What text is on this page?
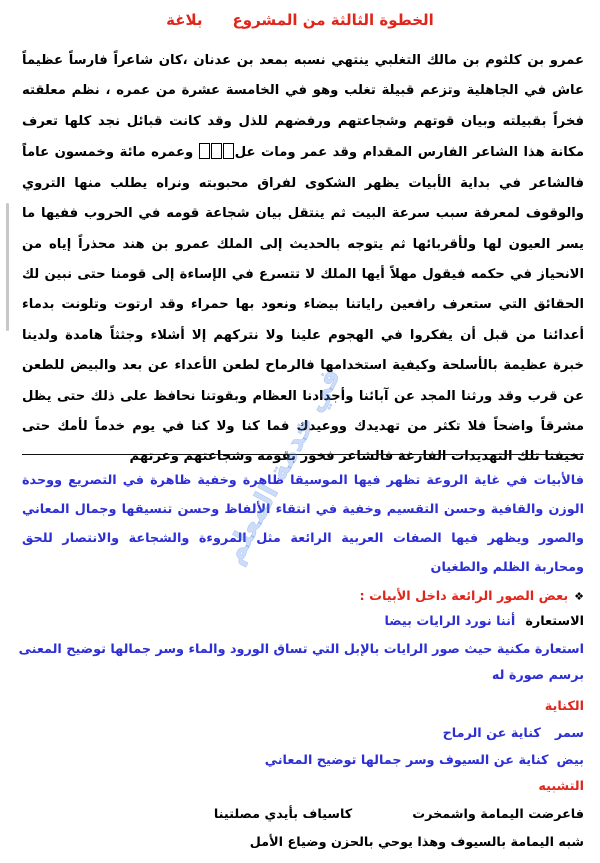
الخطوة الثالثة من المشروعبلاغة
عمرو بن كلثوم بن مالك التغلبي ينتهي نسبه بمعد بن عدنان ،كان شاعراً فارساً عظيماً عاش في الجاهلية وتزعم قبيلة تغلب وهو في الخامسة عشرة من عمره ، نظم معلقته فخراً بقبيلته وبيان قوتهم وشجاعتهم ورفضهم للذل وقد كانت قبائل نجد كلها تعرف مكانة هذا الشاعر الفارس المقدام وقد عمر ومات عل وعمره مائة وخمسون عاماً فالشاعر في بداية الأبيات يظهر الشكوى لفراق محبوبته ونراه يطلب منها التروي والوقوف لمعرفة سبب سرعة البيت ثم ينتقل بيان شجاعة قومه في الحروب ففيها ما يسر العيون لها ولأقربائها ثم يتوجه بالحديث إلى الملك عمرو بن هند محذراً إياه من الانحياز في حكمه فيقول مهلاً أيها الملك لا تتسرع في الإساءة إلى قومنا حتى نبين لك الحقائق التي ستعرف رافعين راياتنا بيضاء ونعود بها حمراء وقد ارتوت وتلونت بدماء أعدائنا من قبل أن يفكروا في الهجوم علينا ولا نتركهم إلا أشلاء وجثثاً هامدة ولدينا خبرة عظيمة بالأسلحة وكيفية استخدامها فالرماح لطعن الأعداء عن بعد والبيض للطعن عن قرب وقد ورثنا المجد عن آبائنا وأجدادنا العظام وبقوتنا نحافظ على ذلك حتى يظل مشرقاً واضحاً فلا تكثر من تهديدك ووعيدك فما كنا ولا كنا في يوم خدماً لأمك حتى تخيفنا تلك التهديدات الفارغة فالشاعر فخور بقومه وشجاعتهم وعزتهم
فالأبيات في غاية الروعة تظهر فيها الموسيقا ظاهرة وخفية ظاهرة في التصريع ووحدة الوزن والقافية وحسن التقسيم وخفية في انتقاء الألفاظ وحسن تنسيقها وجمال المعاني والصور ويظهر فيها الصفات العربية الرائعة مثل المروءة والشجاعة والانتصار للحق ومحاربة الظلم والطغيان
❖بعض الصور الرائعة داخل الأبيات :
الاستعارةأننا نورد الرايات بيضا
استعارة مكنية حيث صور الرايات بالإبل التي تساق الورود والماء وسر جمالها توضيح المعنى
برسم صورة له
الكناية
سمركناية عن الرماح
بيضكناية عن السيوف وسر جمالها توضيح المعاني
التشبيه
فاعرضت اليمامة واشمخرتكاسياف بأيدي مصلتينا
شبه اليمامة بالسيوف وهذا يوحي بالحزن وضياع الأمل
في خدمة المعلم
